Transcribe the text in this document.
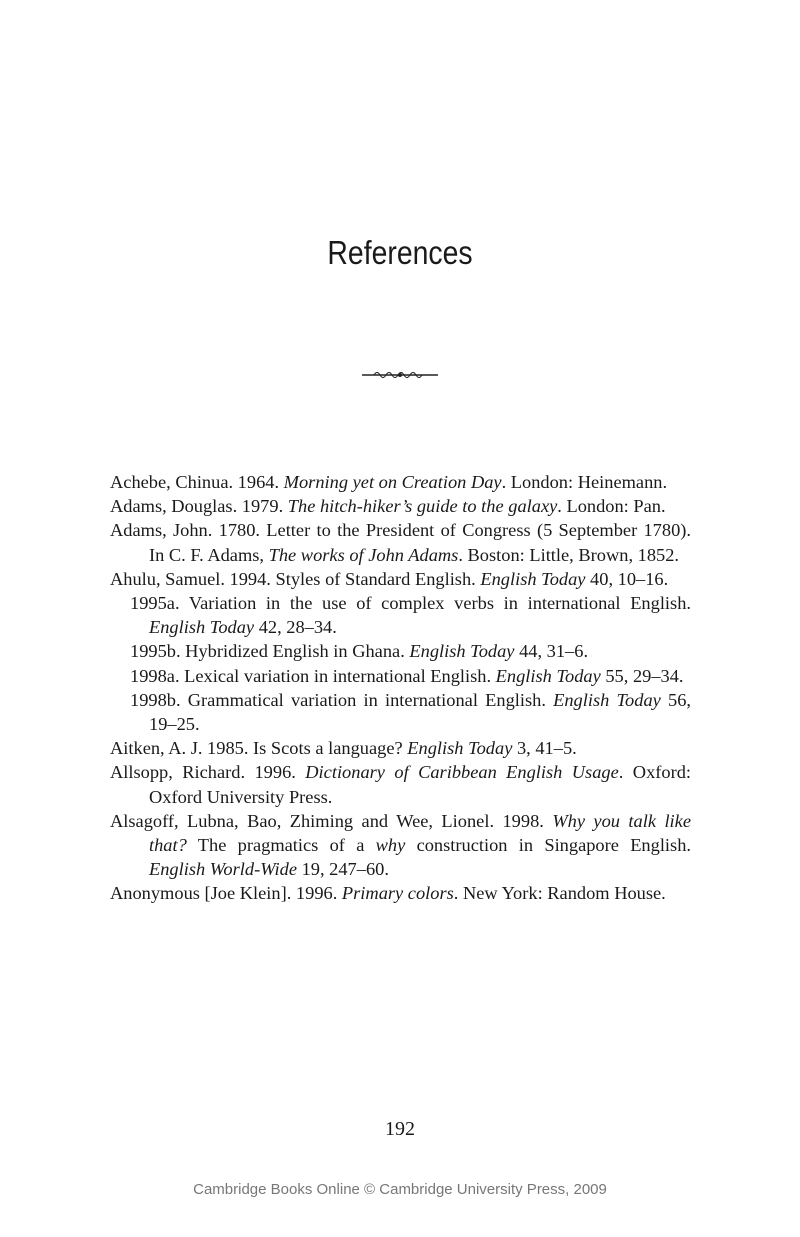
References
Achebe, Chinua. 1964. Morning yet on Creation Day. London: Heinemann.
Adams, Douglas. 1979. The hitch-hiker’s guide to the galaxy. London: Pan.
Adams, John. 1780. Letter to the President of Congress (5 September 1780). In C. F. Adams, The works of John Adams. Boston: Little, Brown, 1852.
Ahulu, Samuel. 1994. Styles of Standard English. English Today 40, 10–16.
1995a. Variation in the use of complex verbs in international English. English Today 42, 28–34.
1995b. Hybridized English in Ghana. English Today 44, 31–6.
1998a. Lexical variation in international English. English Today 55, 29–34.
1998b. Grammatical variation in international English. English Today 56, 19–25.
Aitken, A. J. 1985. Is Scots a language? English Today 3, 41–5.
Allsopp, Richard. 1996. Dictionary of Caribbean English Usage. Oxford: Oxford University Press.
Alsagoff, Lubna, Bao, Zhiming and Wee, Lionel. 1998. Why you talk like that? The pragmatics of a why construction in Singapore English. English World-Wide 19, 247–60.
Anonymous [Joe Klein]. 1996. Primary colors. New York: Random House.
192
Cambridge Books Online © Cambridge University Press, 2009
